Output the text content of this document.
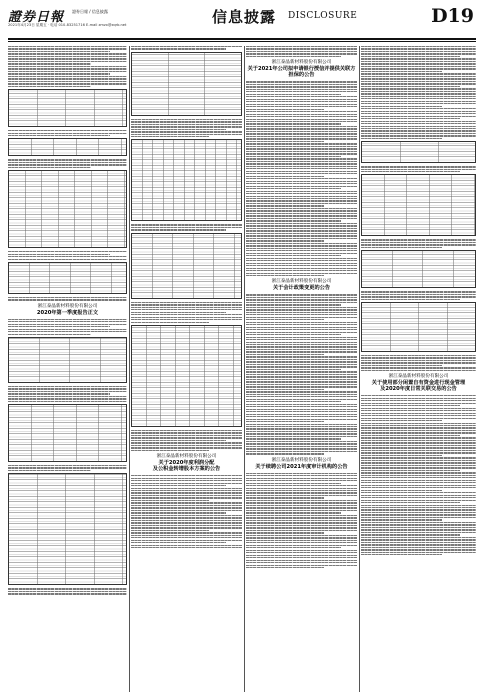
證券日報 證券日報 / 信息披露
2021年4月23日 星期五 · 电话 010-83251716 E-mail zmzx@zqrb.net	信息披露 DISCLOSURE	D19
浙江泰晶新材料股份有限公司
2020年第一季度报告正文
浙江泰晶新材料股份有限公司
关于2020年度利润分配
及公积金转增股本方案的公告
浙江泰晶新材料股份有限公司
关于2021年公司拟申请银行授信并提供关联方担保的公告
浙江泰晶新材料股份有限公司
关于会计政策变更的公告
浙江泰晶新材料股份有限公司
关于续聘公司2021年度审计机构的公告
浙江泰晶新材料股份有限公司
关于使用部分闲置自有资金进行现金管理
及2020年度日常关联交易的公告
